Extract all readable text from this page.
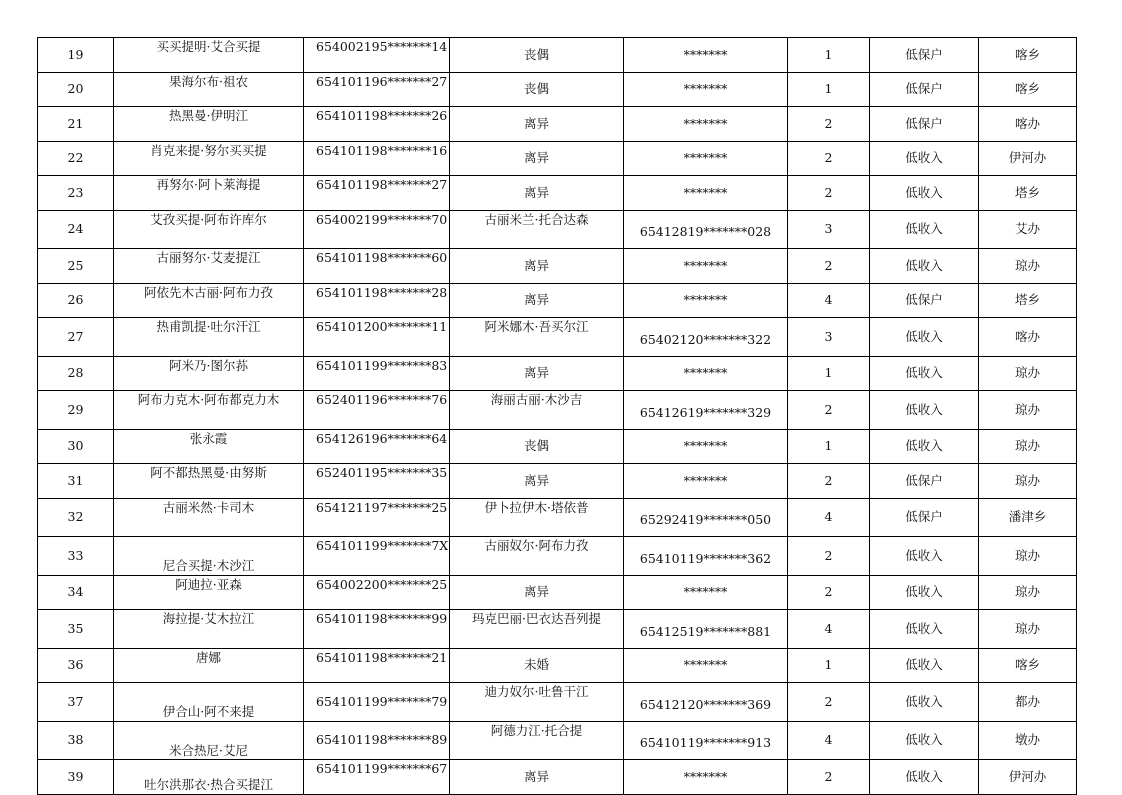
19	买买提明·艾合买提	654002195*******14	丧偶	*******	1	低保户	喀乡
20	果海尔布·祖农	654101196*******27	丧偶	*******	1	低保户	喀乡
21	热黑曼·伊明江	654101198*******26	离异	*******	2	低保户	喀办
22	肖克来提·努尔买买提	654101198*******16	离异	*******	2	低收入	伊河办
23	再努尔·阿卜莱海提	654101198*******27	离异	*******	2	低收入	塔乡
24	艾孜买提·阿布许库尔	654002199*******70	古丽米兰·托合达森	65412819*******028	3	低收入	艾办
25	古丽努尔·艾麦提江	654101198*******60	离异	*******	2	低收入	琼办
26	阿依先木古丽·阿布力孜	654101198*******28	离异	*******	4	低保户	塔乡
27	热甫凯提·吐尔汗江	654101200*******11	阿米娜木·吾买尔江	65402120*******322	3	低收入	喀办
28	阿米乃·图尔荪	654101199*******83	离异	*******	1	低收入	琼办
29	阿布力克木·阿布都克力木	652401196*******76	海丽古丽·木沙吉	65412619*******329	2	低收入	琼办
30	张永霞	654126196*******64	丧偶	*******	1	低收入	琼办
31	阿不都热黑曼·由努斯	652401195*******35	离异	*******	2	低保户	琼办
32	古丽米然·卡司木	654121197*******25	伊卜拉伊木·塔依普	65292419*******050	4	低保户	潘津乡
33	尼合买提·木沙江	654101199*******7X	古丽奴尔·阿布力孜	65410119*******362	2	低收入	琼办
34	阿迪拉·亚森	654002200*******25	离异	*******	2	低收入	琼办
35	海拉提·艾木拉江	654101198*******99	玛克巴丽·巴衣达吾列提	65412519*******881	4	低收入	琼办
36	唐娜	654101198*******21	未婚	*******	1	低收入	喀乡
37	伊合山·阿不来提	654101199*******79	迪力奴尔·吐鲁干江	65412120*******369	2	低收入	都办
38	米合热尼·艾尼	654101198*******89	阿德力江·托合提	65410119*******913	4	低收入	墩办
39	吐尔洪那衣·热合买提江	654101199*******67	离异	*******	2	低收入	伊河办
